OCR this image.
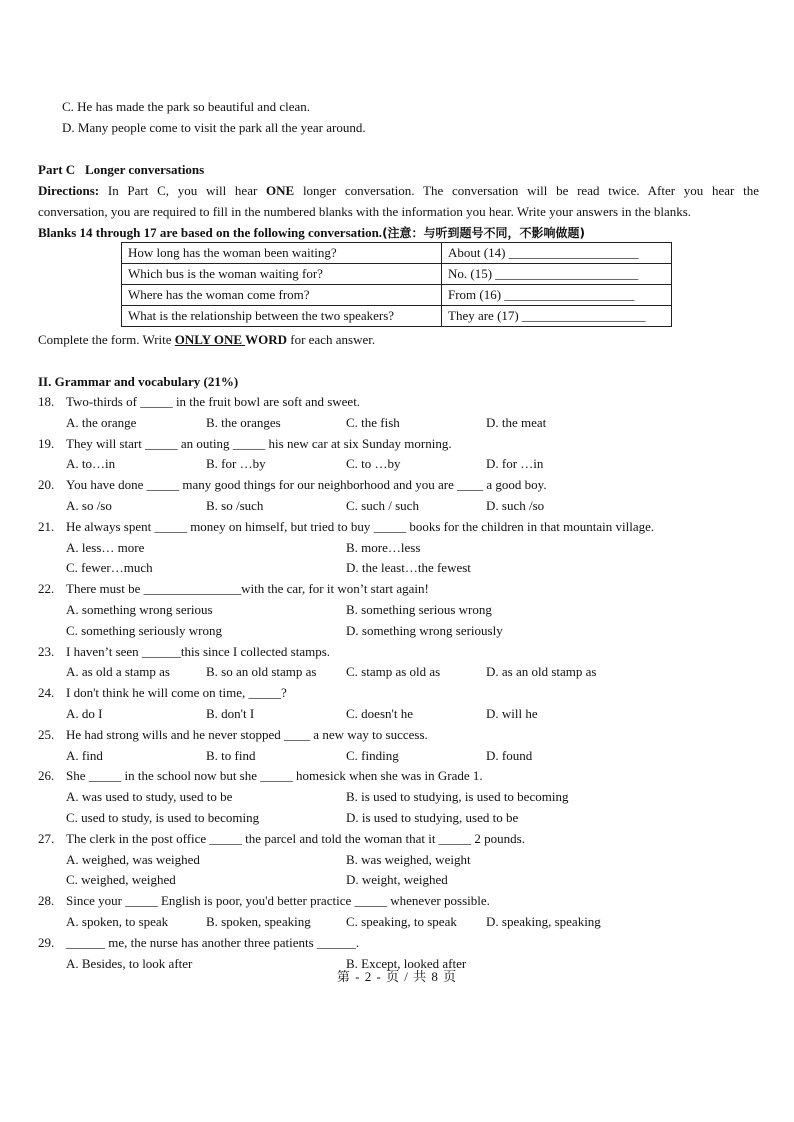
C. He has made the park so beautiful and clean.
D. Many people come to visit the park all the year around.
Part C Longer conversations
Directions: In Part C, you will hear ONE longer conversation. The conversation will be read twice. After you hear the
conversation, you are required to fill in the numbered blanks with the information you hear. Write your answers in the blanks.
Blanks 14 through 17 are based on the following conversation.(注意：与听到题号不同，不影响做题)
How long has the woman been waiting?	About (14) ____________________
Which bus is the woman waiting for?	No. (15) ______________________
Where has the woman come from?	From (16) ____________________
What is the relationship between the two speakers?	They are (17) ___________________
Complete the form. Write ONLY ONE WORD for each answer.
II. Grammar and vocabulary (21%)
18. Two-thirds of _____ in the fruit bowl are soft and sweet.
A. the orange	B. the oranges	C. the fish	D. the meat
19. They will start _____ an outing _____ his new car at six Sunday morning.
A. to…in	B. for …by	C. to …by	D. for …in
20. You have done _____ many good things for our neighborhood and you are ____ a good boy.
A. so /so	B. so /such	C. such / such	D. such /so
21. He always spent _____ money on himself, but tried to buy _____ books for the children in that mountain village.
A. less… more	B. more…less
C. fewer…much	D. the least…the fewest
22. There must be _______________with the car, for it won’t start again!
A. something wrong serious	B. something serious wrong
C. something seriously wrong	D. something wrong seriously
23. I haven’t seen ______this since I collected stamps.
A. as old a stamp as	B. so an old stamp as C. stamp as old as	D. as an old stamp as
24. I don't think he will come on time, _____?
A. do I	B. don't I	C. doesn't he	D. will he
25. He had strong wills and he never stopped ____ a new way to success.
A. find	B. to find	C. finding	D. found
26. She _____ in the school now but she _____ homesick when she was in Grade 1.
A. was used to study, used to be	B. is used to studying, is used to becoming
C. used to study, is used to becoming	D. is used to studying, used to be
27. The clerk in the post office _____ the parcel and told the woman that it _____ 2 pounds.
A. weighed, was weighed	B. was weighed, weight
C. weighed, weighed	D. weight, weighed
28. Since your _____ English is poor, you'd better practice _____ whenever possible.
A. spoken, to speak	B. spoken, speaking	C. speaking, to speak D. speaking, speaking
29. ______ me, the nurse has another three patients ______.
A. Besides, to look after	B. Except, looked after
第 - 2 - 页 / 共 8 页
